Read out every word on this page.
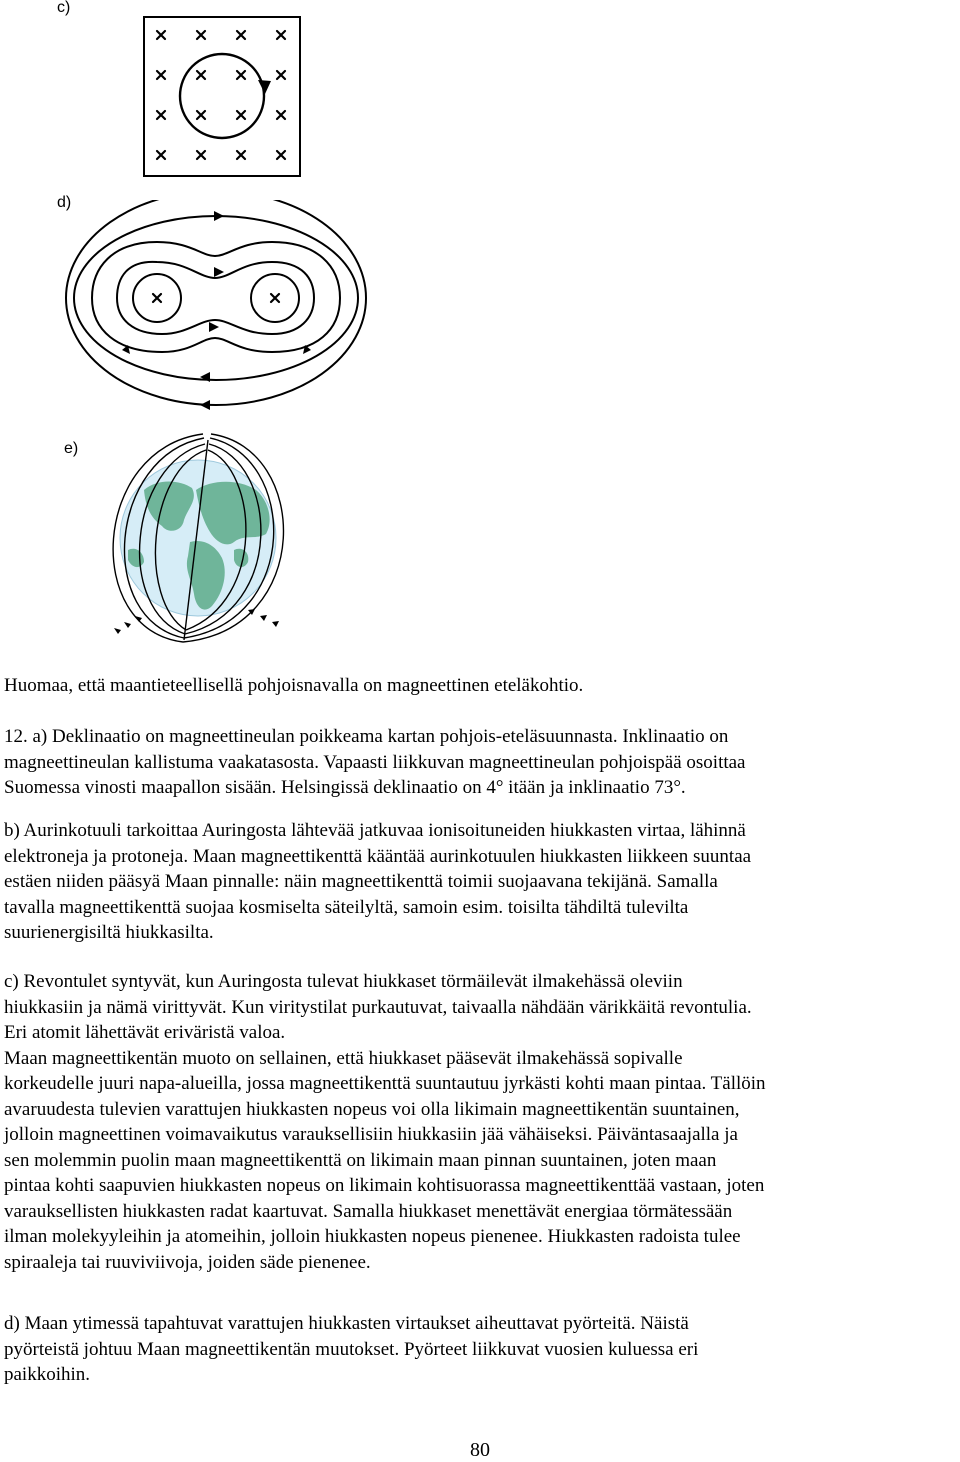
c)
d)
e)

Huomaa, että maantieteellisellä pohjoisnavalla on magneettinen eteläkohtio.

12. a) Deklinaatio on magneettineulan poikkeama kartan pohjois-eteläsuunnasta. Inklinaatio on

magneettineulan kallistuma vaakatasosta. Vapaasti liikkuvan magneettineulan pohjoispää osoittaa

Suomessa vinosti maapallon sisään. Helsingissä deklinaatio on 4° itään ja inklinaatio 73°.

b) Aurinkotuuli tarkoittaa Auringosta lähtevää jatkuvaa ionisoituneiden hiukkasten virtaa, lähinnä

elektroneja ja protoneja. Maan magneettikenttä kääntää aurinkotuulen hiukkasten liikkeen suuntaa

estäen niiden pääsyä Maan pinnalle: näin magneettikenttä toimii suojaavana tekijänä. Samalla

tavalla magneettikenttä suojaa kosmiselta säteilyltä, samoin esim. toisilta tähdiltä tulevilta

suurienergisiltä hiukkasilta.

c) Revontulet syntyvät, kun Auringosta tulevat hiukkaset törmäilevät ilmakehässä oleviin

hiukkasiin ja nämä virittyvät. Kun viritystilat purkautuvat, taivaalla nähdään värikkäitä revontulia.

Eri atomit lähettävät eriväristä valoa.

Maan magneettikentän muoto on sellainen, että hiukkaset pääsevät ilmakehässä sopivalle

korkeudelle juuri napa-alueilla, jossa magneettikenttä suuntautuu jyrkästi kohti maan pintaa. Tällöin

avaruudesta tulevien varattujen hiukkasten nopeus voi olla likimain magneettikentän suuntainen,

jolloin magneettinen voimavaikutus varauksellisiin hiukkasiin jää vähäiseksi. Päiväntasaajalla ja

sen molemmin puolin maan magneettikenttä on likimain maan pinnan suuntainen, joten maan

pintaa kohti saapuvien hiukkasten nopeus on likimain kohtisuorassa magneettikenttää vastaan, joten

varauksellisten hiukkasten radat kaartuvat. Samalla hiukkaset menettävät energiaa törmätessään

ilman molekyyleihin ja atomeihin, jolloin hiukkasten nopeus pienenee. Hiukkasten radoista tulee

spiraaleja tai ruuviviivoja, joiden säde pienenee.

d) Maan ytimessä tapahtuvat varattujen hiukkasten virtaukset aiheuttavat pyörteitä. Näistä

pyörteistä johtuu Maan magneettikentän muutokset. Pyörteet liikkuvat vuosien kuluessa eri

paikkoihin.

80
